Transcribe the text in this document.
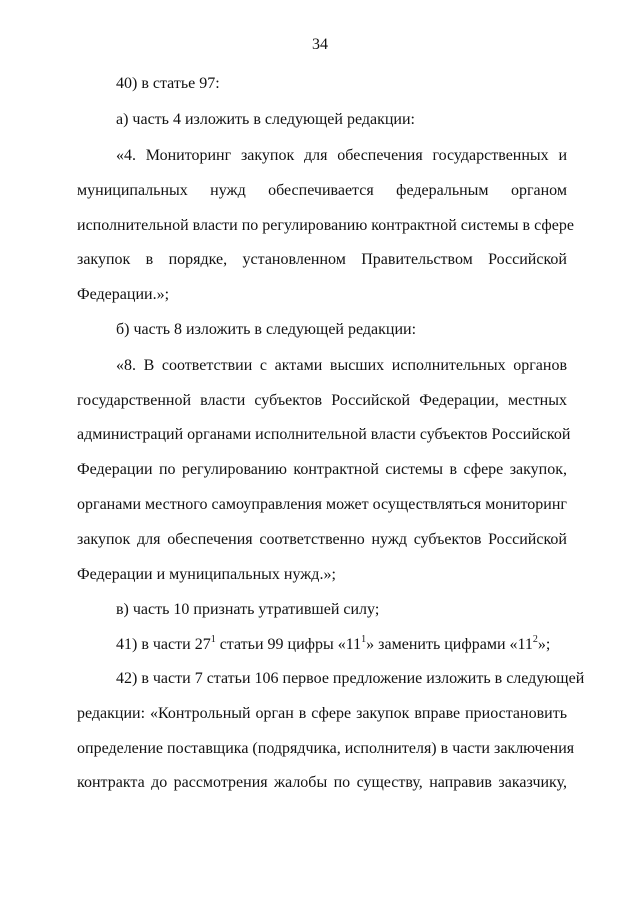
34
40) в статье 97:
а) часть 4 изложить в следующей редакции:
«4. Мониторинг закупок для обеспечения государственных и
муниципальных нужд обеспечивается федеральным органом
исполнительной власти по регулированию контрактной системы в сфере
закупок в порядке, установленном Правительством Российской
Федерации.»;
б) часть 8 изложить в следующей редакции:
«8. В соответствии с актами высших исполнительных органов
государственной власти субъектов Российской Федерации, местных
администраций органами исполнительной власти субъектов Российской
Федерации по регулированию контрактной системы в сфере закупок,
органами местного самоуправления может осуществляться мониторинг
закупок для обеспечения соответственно нужд субъектов Российской
Федерации и муниципальных нужд.»;
в) часть 10 признать утратившей силу;
41) в части $27^1$ статьи 99 цифры «$11^1$» заменить цифрами «$11^2$»;
42) в части 7 статьи 106 первое предложение изложить в следующей
редакции: «Контрольный орган в сфере закупок вправе приостановить
определение поставщика (подрядчика, исполнителя) в части заключения
контракта до рассмотрения жалобы по существу, направив заказчику,
